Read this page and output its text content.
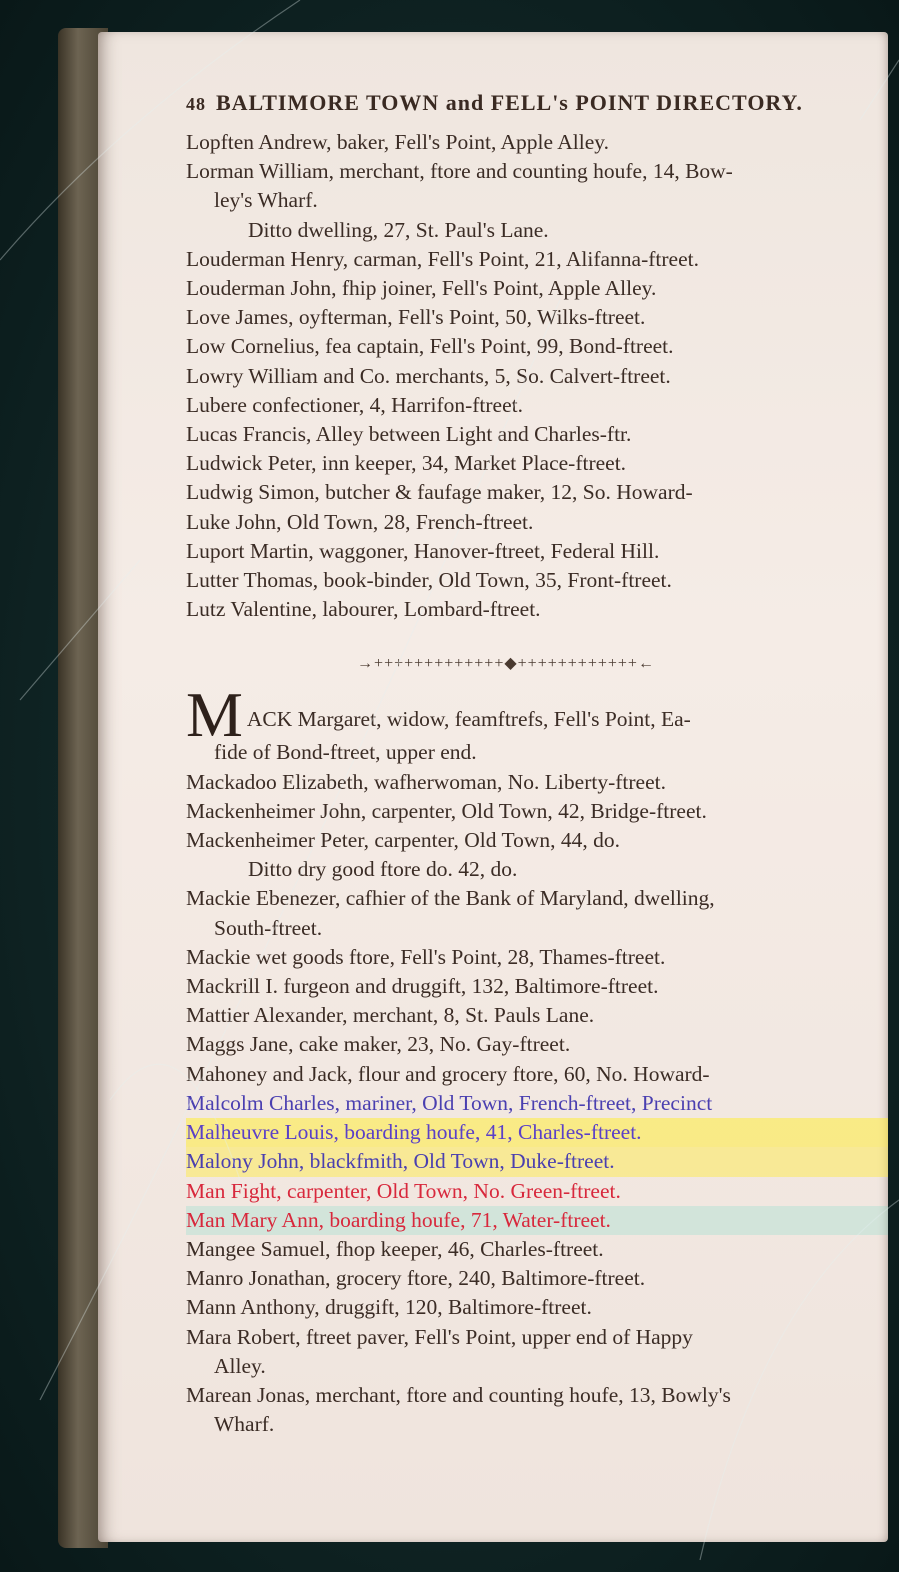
48 BALTIMORE TOWN and FELL's POINT DIRECTORY.
Lopften Andrew, baker, Fell's Point, Apple Alley.
Lorman William, merchant, ftore and counting houfe, 14, Bow-
ley's Wharf.
Ditto dwelling, 27, St. Paul's Lane.
Louderman Henry, carman, Fell's Point, 21, Alifanna-ftreet.
Louderman John, fhip joiner, Fell's Point, Apple Alley.
Love James, oyfterman, Fell's Point, 50, Wilks-ftreet.
Low Cornelius, fea captain, Fell's Point, 99, Bond-ftreet.
Lowry William and Co. merchants, 5, So. Calvert-ftreet.
Lubere confectioner, 4, Harrifon-ftreet.
Lucas Francis, Alley between Light and Charles-ftr.
Ludwick Peter, inn keeper, 34, Market Place-ftreet.
Ludwig Simon, butcher & faufage maker, 12, So. Howard-
Luke John, Old Town, 28, French-ftreet.
Luport Martin, waggoner, Hanover-ftreet, Federal Hill.
Lutter Thomas, book-binder, Old Town, 35, Front-ftreet.
Lutz Valentine, labourer, Lombard-ftreet.
→+++++++++++++◆++++++++++++←
M ACK Margaret, widow, feamftrefs, Fell's Point, Ea-
fide of Bond-ftreet, upper end.
Mackadoo Elizabeth, wafherwoman, No. Liberty-ftreet.
Mackenheimer John, carpenter, Old Town, 42, Bridge-ftreet.
Mackenheimer Peter, carpenter, Old Town, 44, do.
Ditto dry good ftore do. 42, do.
Mackie Ebenezer, cafhier of the Bank of Maryland, dwelling,
South-ftreet.
Mackie wet goods ftore, Fell's Point, 28, Thames-ftreet.
Mackrill I. furgeon and druggift, 132, Baltimore-ftreet.
Mattier Alexander, merchant, 8, St. Pauls Lane.
Maggs Jane, cake maker, 23, No. Gay-ftreet.
Mahoney and Jack, flour and grocery ftore, 60, No. Howard-
Malcolm Charles, mariner, Old Town, French-ftreet, Precinct
Malheuvre Louis, boarding houfe, 41, Charles-ftreet.
Malony John, blackfmith, Old Town, Duke-ftreet.
Man Fight, carpenter, Old Town, No. Green-ftreet.
Man Mary Ann, boarding houfe, 71, Water-ftreet.
Mangee Samuel, fhop keeper, 46, Charles-ftreet.
Manro Jonathan, grocery ftore, 240, Baltimore-ftreet.
Mann Anthony, druggift, 120, Baltimore-ftreet.
Mara Robert, ftreet paver, Fell's Point, upper end of Happy
Alley.
Marean Jonas, merchant, ftore and counting houfe, 13, Bowly's
Wharf.
